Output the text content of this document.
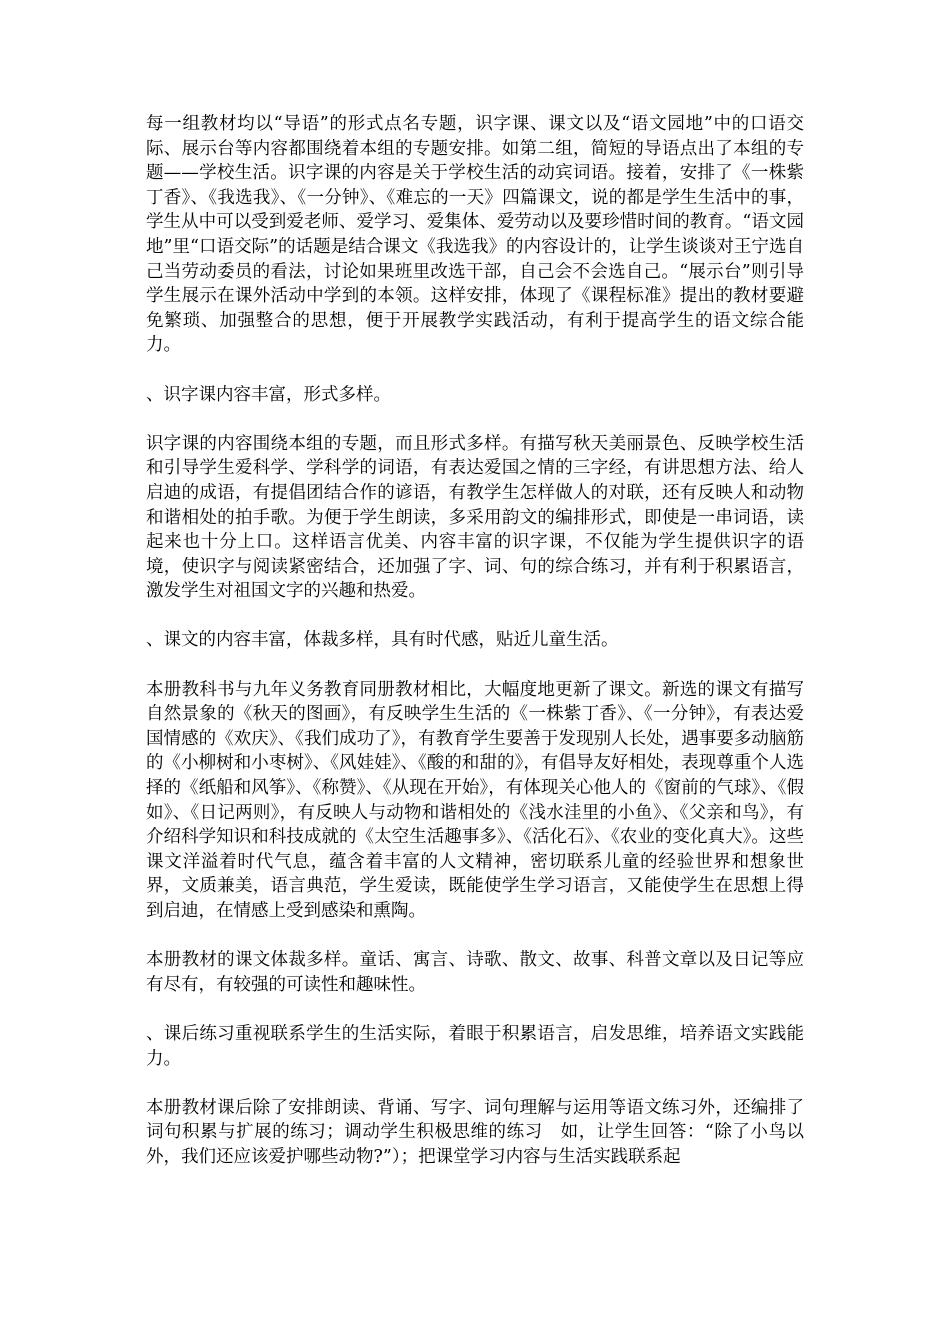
每一组教材均以“导语”的形式点名专题，识字课、课文以及“语文园地”中的口语交际、展示台等内容都围绕着本组的专题安排。如第二组，简短的导语点出了本组的专题——学校生活。识字课的内容是关于学校生活的动宾词语。接着，安排了《一株紫丁香》、《我选我》、《一分钟》、《难忘的一天》四篇课文，说的都是学生生活中的事，学生从中可以受到爱老师、爱学习、爱集体、爱劳动以及要珍惜时间的教育。“语文园地”里“口语交际”的话题是结合课文《我选我》的内容设计的，让学生谈谈对王宁选自己当劳动委员的看法，讨论如果班里改选干部，自己会不会选自己。“展示台”则引导学生展示在课外活动中学到的本领。这样安排，体现了《课程标准》提出的教材要避免繁琐、加强整合的思想，便于开展教学实践活动，有利于提高学生的语文综合能力。

、识字课内容丰富，形式多样。

识字课的内容围绕本组的专题，而且形式多样。有描写秋天美丽景色、反映学校生活和引导学生爱科学、学科学的词语，有表达爱国之情的三字经，有讲思想方法、给人启迪的成语，有提倡团结合作的谚语，有教学生怎样做人的对联，还有反映人和动物和谐相处的拍手歌。为便于学生朗读，多采用韵文的编排形式，即使是一串词语，读起来也十分上口。这样语言优美、内容丰富的识字课，不仅能为学生提供识字的语境，使识字与阅读紧密结合，还加强了字、词、句的综合练习，并有利于积累语言，激发学生对祖国文字的兴趣和热爱。

、课文的内容丰富，体裁多样，具有时代感，贴近儿童生活。

本册教科书与九年义务教育同册教材相比，大幅度地更新了课文。新选的课文有描写自然景象的《秋天的图画》，有反映学生生活的《一株紫丁香》、《一分钟》，有表达爱国情感的《欢庆》、《我们成功了》，有教育学生要善于发现别人长处，遇事要多动脑筋的《小柳树和小枣树》、《风娃娃》、《酸的和甜的》，有倡导友好相处，表现尊重个人选择的《纸船和风筝》、《称赞》、《从现在开始》，有体现关心他人的《窗前的气球》、《假如》、《日记两则》，有反映人与动物和谐相处的《浅水洼里的小鱼》、《父亲和鸟》，有介绍科学知识和科技成就的《太空生活趣事多》、《活化石》、《农业的变化真大》。这些课文洋溢着时代气息，蕴含着丰富的人文精神，密切联系儿童的经验世界和想象世界，文质兼美，语言典范，学生爱读，既能使学生学习语言，又能使学生在思想上得到启迪，在情感上受到感染和熏陶。

本册教材的课文体裁多样。童话、寓言、诗歌、散文、故事、科普文章以及日记等应有尽有，有较强的可读性和趣味性。

、课后练习重视联系学生的生活实际，着眼于积累语言，启发思维，培养语文实践能力。

本册教材课后除了安排朗读、背诵、写字、词句理解与运用等语文练习外，还编排了词句积累与扩展的练习；调动学生积极思维的练习　如，让学生回答：“除了小鸟以外，我们还应该爱护哪些动物?”）；把课堂学习内容与生活实践联系起
